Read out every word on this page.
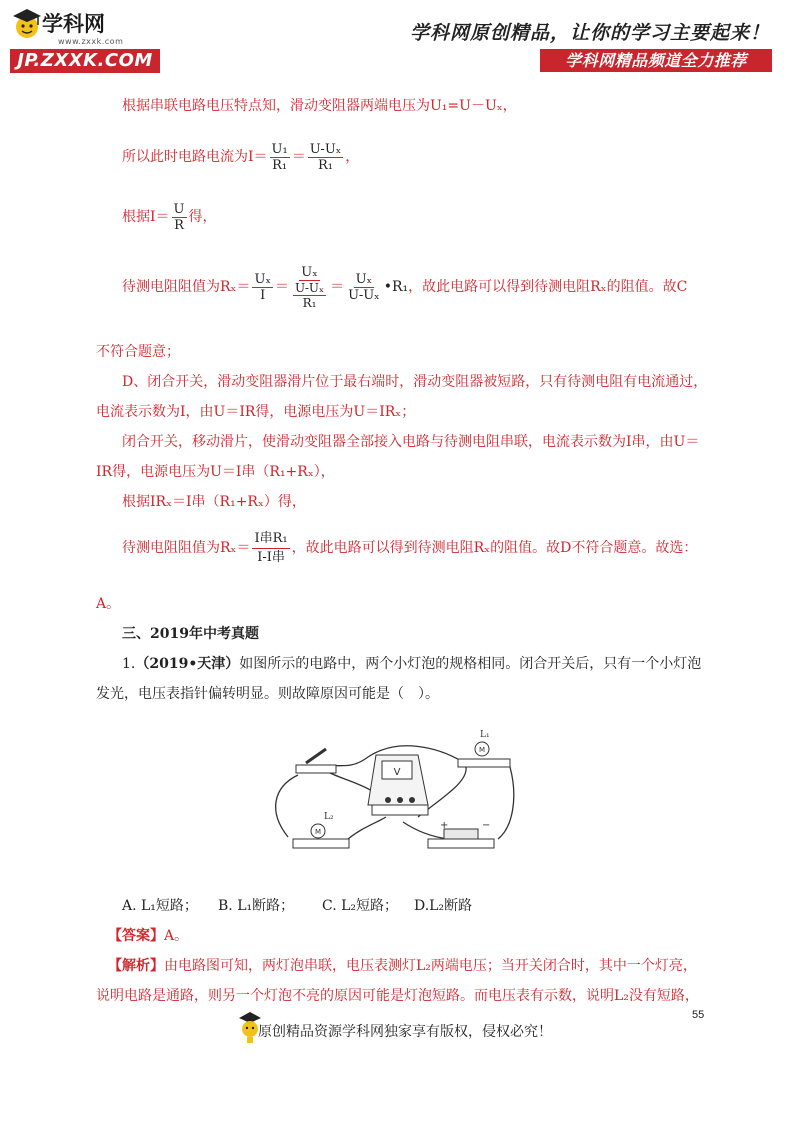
学科网
www.zxxk.com
JP.ZXXK.COM
学科网原创精品，让你的学习主要起来！
学科网精品频道全力推荐
根据串联电路电压特点知，滑动变阻器两端电压为U₁=U－Uₓ，
所以此时电路电流为$I= \frac{\text{U₁}}{\text{R₁}} = \frac{\text{U-Uₓ}}{\text{R₁}}$ ，
根据$I= \frac{U}{R}$ 得，
待测电阻阻值为$R_x= \frac{\text{Uₓ}}{I} = \frac{\text{Uₓ}}{\frac{\text{U-Uₓ}}{\text{R₁}}} = \frac{\text{Uₓ}}{\text{U-Uₓ}}$ •R₁，故此电路可以得到待测电阻Rₓ的阻值。故C
不符合题意；
D、闭合开关，滑动变阻器滑片位于最右端时，滑动变阻器被短路，只有待测电阻有电流通过，
电流表示数为I，由U＝IR得，电源电压为U＝IRₓ；
闭合开关，移动滑片，使滑动变阻器全部接入电路与待测电阻串联，电流表示数为I串，由U＝
IR得，电源电压为U＝I串（R₁+Rₓ），
根据IRₓ＝I串（R₁+Rₓ）得，
待测电阻阻值为$R_x= \frac{\text{I串R₁}}{\text{I-I串}}$ ，故此电路可以得到待测电阻Rₓ的阻值。故D不符合题意。故选：
A。
三、2019年中考真题
1.（2019•天津）如图所示的电路中，两个小灯泡的规格相同。闭合开关后，只有一个小灯泡
发光，电压表指针偏转明显。则故障原因可能是（　）。
M
L₁
V
M
L₂
+	−
A. L₁短路； B. L₁断路； C. L₂短路； D.L₂断路
【答案】A。
【解析】由电路图可知，两灯泡串联，电压表测灯L₂两端电压；当开关闭合时，其中一个灯亮，
说明电路是通路，则另一个灯泡不亮的原因可能是灯泡短路。而电压表有示数，说明L₂没有短路，
55
原创精品资源学科网独家享有版权，侵权必究！
